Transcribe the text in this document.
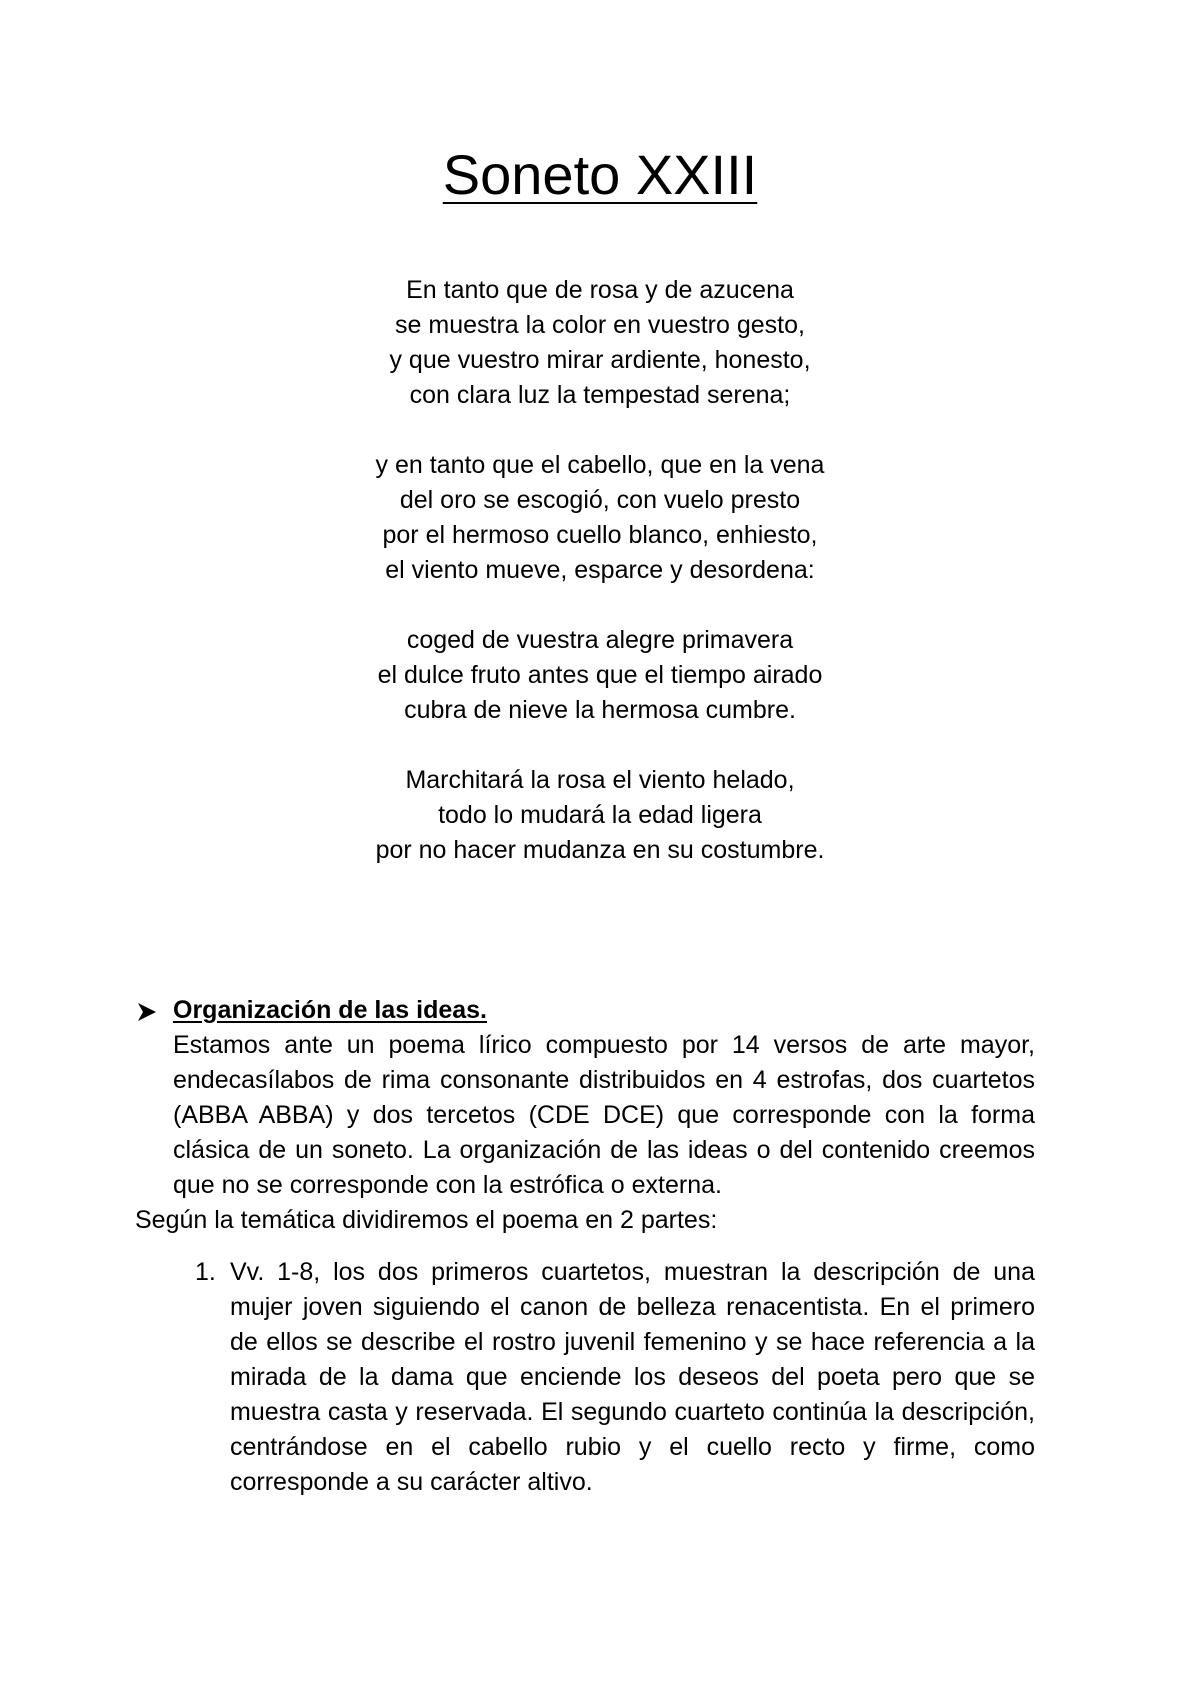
Soneto XXIII
En tanto que de rosa y de azucena
se muestra la color en vuestro gesto,
y que vuestro mirar ardiente, honesto,
con clara luz la tempestad serena;
y en tanto que el cabello, que en la vena
del oro se escogió, con vuelo presto
por el hermoso cuello blanco, enhiesto,
el viento mueve, esparce y desordena:
coged de vuestra alegre primavera
el dulce fruto antes que el tiempo airado
cubra de nieve la hermosa cumbre.
Marchitará la rosa el viento helado,
todo lo mudará la edad ligera
por no hacer mudanza en su costumbre.
Organización de las ideas.

Estamos ante un poema lírico compuesto por 14 versos de arte mayor, endecasílabos de rima consonante distribuidos en 4 estrofas, dos cuartetos (ABBA ABBA) y dos tercetos (CDE DCE) que corresponde con la forma clásica de un soneto. La organización de las ideas o del contenido creemos que no se corresponde con la estrófica o externa.

Según la temática dividiremos el poema en 2 partes:

1. Vv. 1-8, los dos primeros cuartetos, muestran la descripción de una mujer joven siguiendo el canon de belleza renacentista. En el primero de ellos se describe el rostro juvenil femenino y se hace referencia a la mirada de la dama que enciende los deseos del poeta pero que se muestra casta y reservada. El segundo cuarteto continúa la descripción, centrándose en el cabello rubio y el cuello recto y firme, como corresponde a su carácter altivo.
